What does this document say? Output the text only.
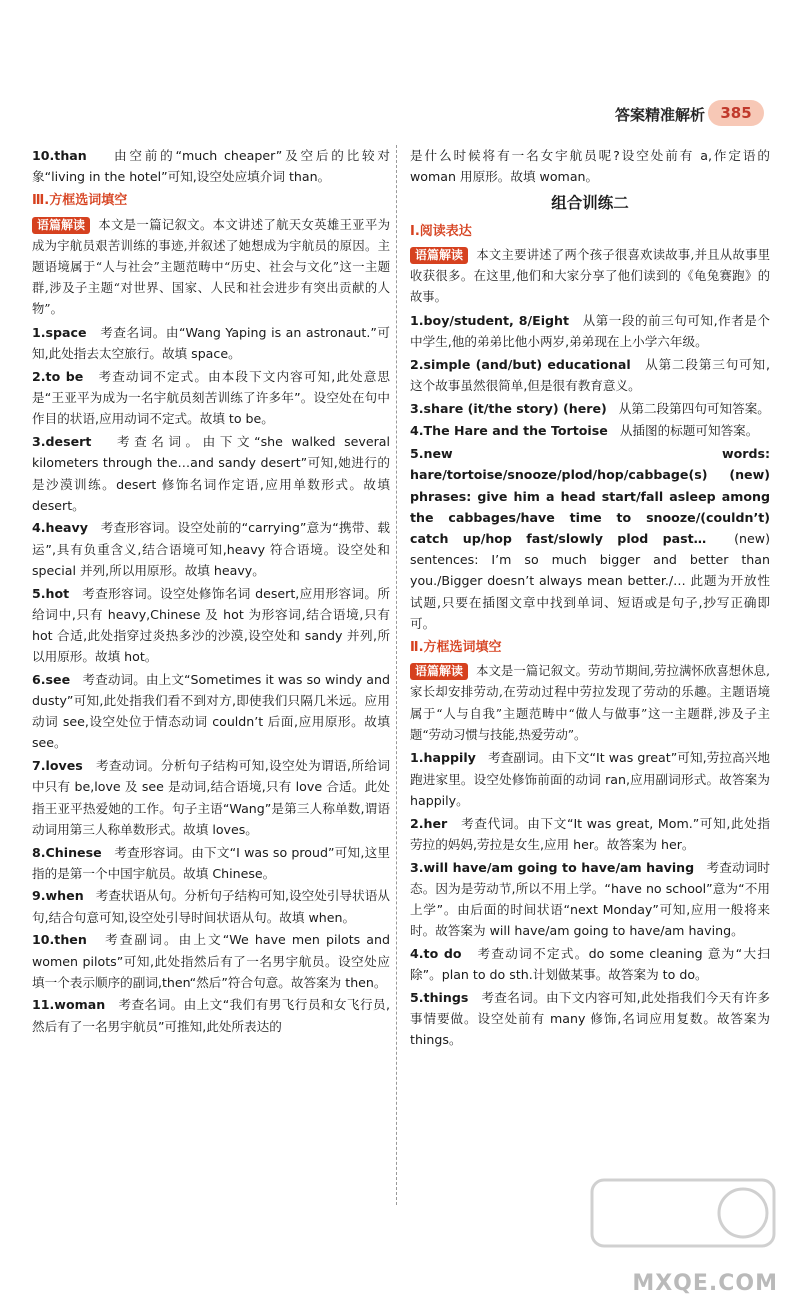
答案精准解析	385

10.than 由空前的“much cheaper”及空后的比较对象“living in the hotel”可知,设空处应填介词 than。

Ⅲ.方框选词填空

语篇解读 本文是一篇记叙文。本文讲述了航天女英雄王亚平为成为宇航员艰苦训练的事迹,并叙述了她想成为宇航员的原因。主题语境属于“人与社会”主题范畴中“历史、社会与文化”这一主题群,涉及子主题“对世界、国家、人民和社会进步有突出贡献的人物”。

1.space 考查名词。由“Wang Yaping is an astronaut.”可知,此处指去太空旅行。故填 space。

2.to be 考查动词不定式。由本段下文内容可知,此处意思是“王亚平为成为一名宇航员刻苦训练了许多年”。设空处在句中作目的状语,应用动词不定式。故填 to be。

3.desert 考查名词。由下文“she walked several kilometers through the…and sandy desert”可知,她进行的是沙漠训练。desert 修饰名词作定语,应用单数形式。故填 desert。

4.heavy 考查形容词。设空处前的“carrying”意为“携带、载运”,具有负重含义,结合语境可知,heavy 符合语境。设空处和 special 并列,所以用原形。故填 heavy。

5.hot 考查形容词。设空处修饰名词 desert,应用形容词。所给词中,只有 heavy,Chinese 及 hot 为形容词,结合语境,只有 hot 合适,此处指穿过炎热多沙的沙漠,设空处和 sandy 并列,所以用原形。故填 hot。

6.see 考查动词。由上文“Sometimes it was so windy and dusty”可知,此处指我们看不到对方,即使我们只隔几米远。应用动词 see,设空处位于情态动词 couldn’t 后面,应用原形。故填 see。

7.loves 考查动词。分析句子结构可知,设空处为谓语,所给词中只有 be,love 及 see 是动词,结合语境,只有 love 合适。此处指王亚平热爱她的工作。句子主语“Wang”是第三人称单数,谓语动词用第三人称单数形式。故填 loves。

8.Chinese 考查形容词。由下文“I was so proud”可知,这里指的是第一个中国宇航员。故填 Chinese。

9.when 考查状语从句。分析句子结构可知,设空处引导状语从句,结合句意可知,设空处引导时间状语从句。故填 when。

10.then 考查副词。由上文“We have men pilots and women pilots”可知,此处指然后有了一名男宇航员。设空处应填一个表示顺序的副词,then“然后”符合句意。故答案为 then。

11.woman 考查名词。由上文“我们有男飞行员和女飞行员,然后有了一名男宇航员”可推知,此处所表达的

是什么时候将有一名女宇航员呢?设空处前有 a,作定语的 woman 用原形。故填 woman。

组合训练二
Ⅰ.阅读表达

语篇解读 本文主要讲述了两个孩子很喜欢读故事,并且从故事里收获很多。在这里,他们和大家分享了他们读到的《龟兔赛跑》的故事。

1.boy/student, 8/Eight 从第一段的前三句可知,作者是个中学生,他的弟弟比他小两岁,弟弟现在上小学六年级。

2.simple (and/but) educational 从第二段第三句可知,这个故事虽然很简单,但是很有教育意义。

3.share (it/the story) (here) 从第二段第四句可知答案。

4.The Hare and the Tortoise 从插图的标题可知答案。

5.new words: hare/tortoise/snooze/plod/hop/cabbage(s) (new) phrases: give him a head start/fall asleep among the cabbages/have time to snooze/(couldn’t) catch up/hop fast/slowly plod past… (new) sentences: I’m so much bigger and better than you./Bigger doesn’t always mean better./… 此题为开放性试题,只要在插图文章中找到单词、短语或是句子,抄写正确即可。

Ⅱ.方框选词填空

语篇解读 本文是一篇记叙文。劳动节期间,劳拉满怀欣喜想休息,家长却安排劳动,在劳动过程中劳拉发现了劳动的乐趣。主题语境属于“人与自我”主题范畴中“做人与做事”这一主题群,涉及子主题“劳动习惯与技能,热爱劳动”。

1.happily 考查副词。由下文“It was great”可知,劳拉高兴地跑进家里。设空处修饰前面的动词 ran,应用副词形式。故答案为 happily。

2.her 考查代词。由下文“It was great, Mom.”可知,此处指劳拉的妈妈,劳拉是女生,应用 her。故答案为 her。

3.will have/am going to have/am having 考查动词时态。因为是劳动节,所以不用上学。“have no school”意为“不用上学”。由后面的时间状语“next Monday”可知,应用一般将来时。故答案为 will have/am going to have/am having。

4.to do 考查动词不定式。do some cleaning 意为“大扫除”。plan to do sth.计划做某事。故答案为 to do。

5.things 考查名词。由下文内容可知,此处指我们今天有许多事情要做。设空处前有 many 修饰,名词应用复数。故答案为 things。

MXQE.COM
